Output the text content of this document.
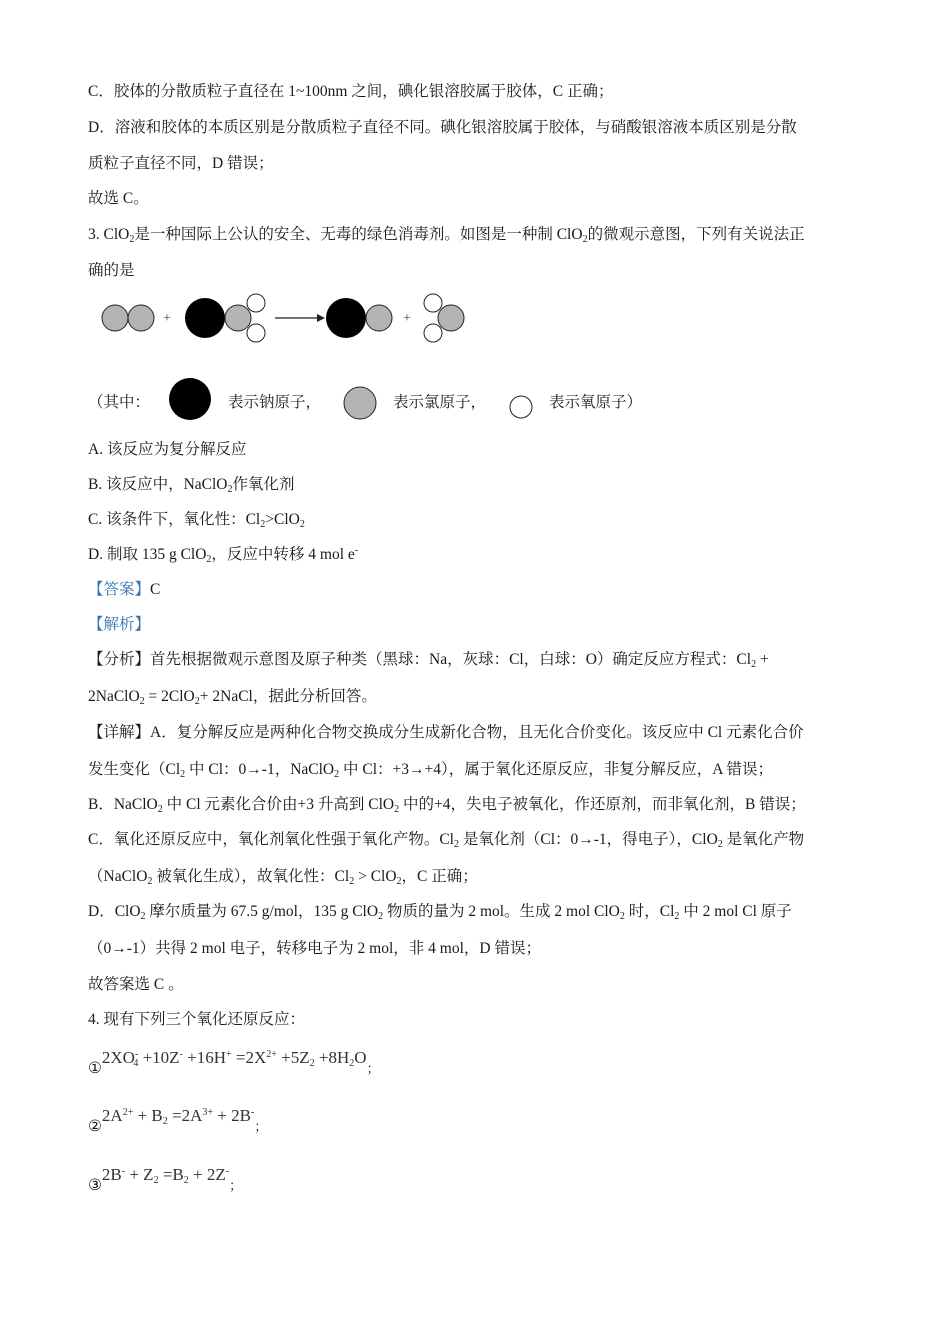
C．胶体的分散质粒子直径在 1~100nm 之间，碘化银溶胶属于胶体，C 正确；
D．溶液和胶体的本质区别是分散质粒子直径不同。碘化银溶胶属于胶体，与硝酸银溶液本质区别是分散
质粒子直径不同，D 错误；
故选 C。
3. ClO$_2$是一种国际上公认的安全、无毒的绿色消毒剂。如图是一种制 ClO$_2$的微观示意图，下列有关说法正
确的是
+	+
（其中：	表示钠原子，	表示氯原子，	表示氧原子）
A. 该反应为复分解反应
B. 该反应中，NaClO$_2$作氧化剂
C. 该条件下，氧化性：$Cl_2>ClO_2$
D. 制取 135 g ClO$_2$，反应中转移 4 mol e-
【答案】C
【解析】
【分析】首先根据微观示意图及原子种类（黑球：Na，灰球：Cl，白球：O）确定反应方程式：$Cl_2$ +
2NaClO$_2$ = 2ClO$_2$+ 2NaCl，据此分析回答。
【详解】A．复分解反应是两种化合物交换成分生成新化合物，且无化合价变化。该反应中 Cl 元素化合价
发生变化（$Cl_2$ 中 Cl：0→-1，NaClO$_2$ 中 Cl：+3→+4），属于氧化还原反应，非复分解反应，A 错误；
B．NaClO$_2$ 中 Cl 元素化合价由+3 升高到 ClO$_2$ 中的+4，失电子被氧化，作还原剂，而非氧化剂，B 错误；
C．氧化还原反应中，氧化剂氧化性强于氧化产物。$Cl_2$ 是氧化剂（Cl：0→-1，得电子），ClO$_2$ 是氧化产物
（NaClO$_2$ 被氧化生成），故氧化性：$Cl_2 > ClO_2$，C 正确；
D．ClO$_2$ 摩尔质量为 67.5 g/mol，135 g ClO$_2$ 物质的量为 2 mol。生成 2 mol ClO$_2$ 时，$Cl_2$ 中 2 mol Cl 原子
（0→-1）共得 2 mol 电子，转移电子为 2 mol，非 4 mol，D 错误；
故答案选 C 。
4. 现有下列三个氧化还原反应：
$①2XO^-_4 +10Z^- +16H^+ =2X^{2+} +5Z_2 +8H_2O_;$
$②2A^{2+} + B_2 =2A^{3+} + 2B^-_;$
③2B- + $Z_2 =B_2 + 2Z^-_;$
